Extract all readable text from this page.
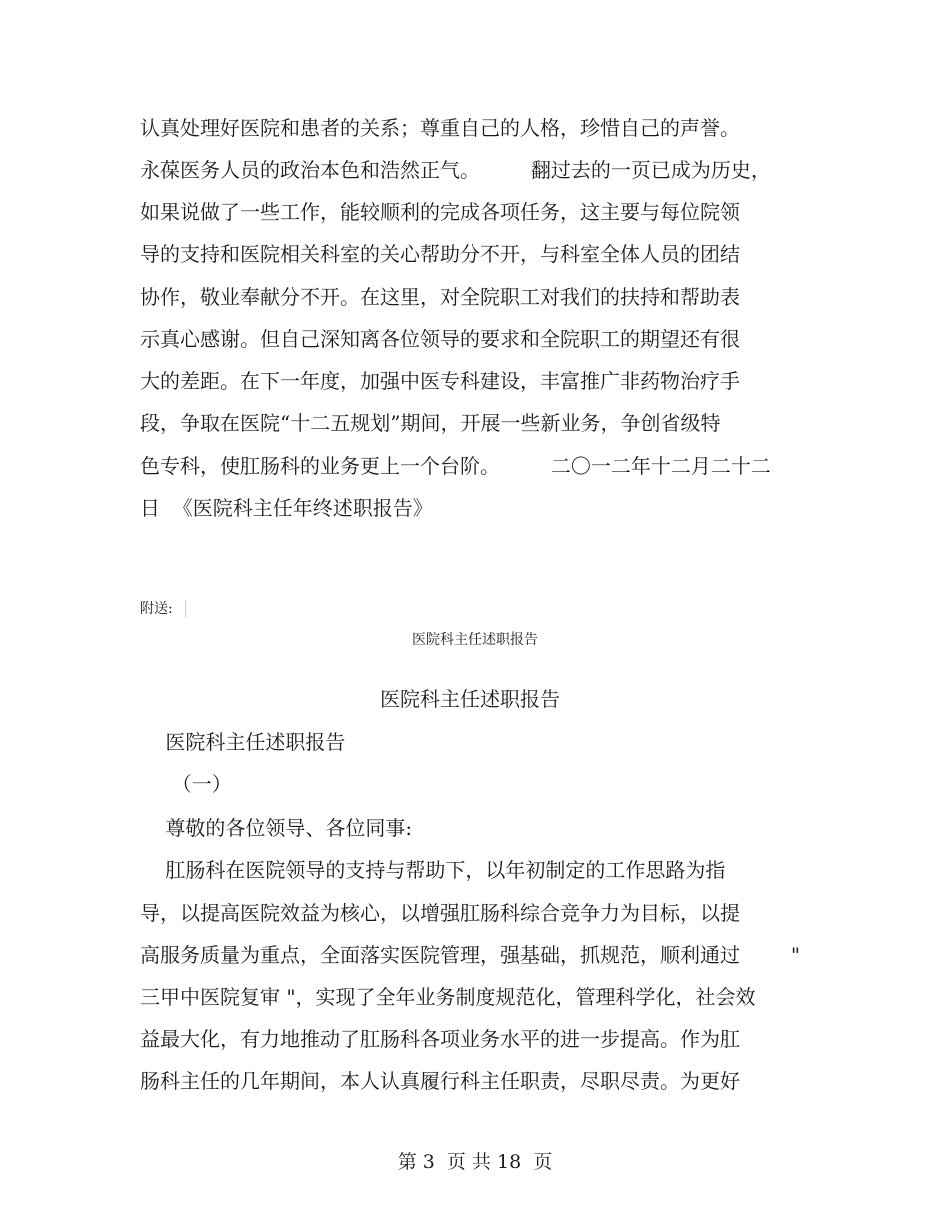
认真处理好医院和患者的关系；尊重自己的人格，珍惜自己的声誉。
永葆医务人员的政治本色和浩然正气。        翻过去的一页已成为历史，
如果说做了一些工作，能较顺利的完成各项任务，这主要与每位院领
导的支持和医院相关科室的关心帮助分不开，与科室全体人员的团结
协作，敬业奉献分不开。在这里，对全院职工对我们的扶持和帮助表
示真心感谢。但自己深知离各位领导的要求和全院职工的期望还有很
大的差距。在下一年度，加强中医专科建设，丰富推广非药物治疗手
段，争取在医院“十二五规划”期间，开展一些新业务，争创省级特
色专科，使肛肠科的业务更上一个台阶。        二〇一二年十二月二十二
日  《医院科主任年终述职报告》
附送:
医院科主任述职报告
医院科主任述职报告
医院科主任述职报告
（一）
尊敬的各位领导、各位同事:
肛肠科在医院领导的支持与帮助下，以年初制定的工作思路为指
导，以提高医院效益为核心，以增强肛肠科综合竞争力为目标，以提
高服务质量为重点，全面落实医院管理，强基础，抓规范，顺利通过        "
三甲中医院复审 "，实现了全年业务制度规范化，管理科学化，社会效
益最大化，有力地推动了肛肠科各项业务水平的进一步提高。作为肛
肠科主任的几年期间，本人认真履行科主任职责，尽职尽责。为更好
第 3  页 共 18  页
